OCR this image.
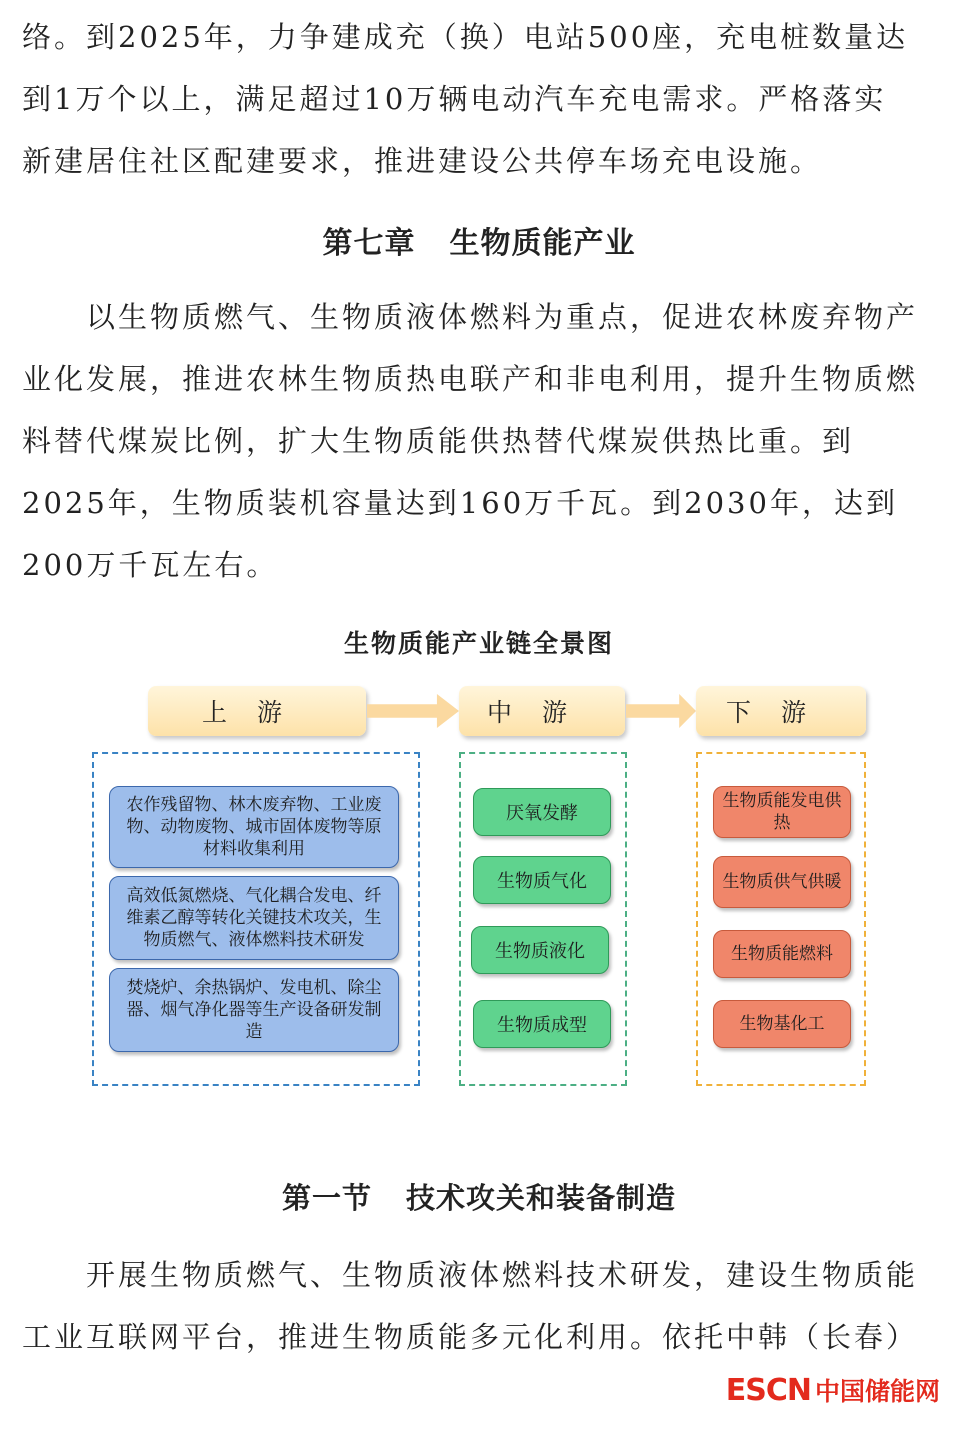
络。到2025年，力争建成充（换）电站500座，充电桩数量达
到1万个以上，满足超过10万辆电动汽车充电需求。严格落实
新建居住社区配建要求，推进建设公共停车场充电设施。

第七章 生物质能产业

以生物质燃气、生物质液体燃料为重点，促进农林废弃物产
业化发展，推进农林生物质热电联产和非电利用，提升生物质燃
料替代煤炭比例，扩大生物质能供热替代煤炭供热比重。到
2025年，生物质装机容量达到160万千瓦。到2030年，达到
200万千瓦左右。

生物质能产业链全景图
上游	中游	下游
农作残留物、林木废弃物、工业废物、动物废物、城市固体废物等原材料收集利用
高效低氮燃烧、气化耦合发电、纤维素乙醇等转化关键技术攻关，生物质燃气、液体燃料技术研发
焚烧炉、余热锅炉、发电机、除尘器、烟气净化器等生产设备研发制造
厌氧发酵
生物质气化
生物质液化
生物质成型
生物质能发电供热
生物质供气供暖
生物质能燃料
生物基化工
第一节 技术攻关和装备制造

开展生物质燃气、生物质液体燃料技术研发，建设生物质能
工业互联网平台，推进生物质能多元化利用。依托中韩（长春）

ESCN 中国储能网
